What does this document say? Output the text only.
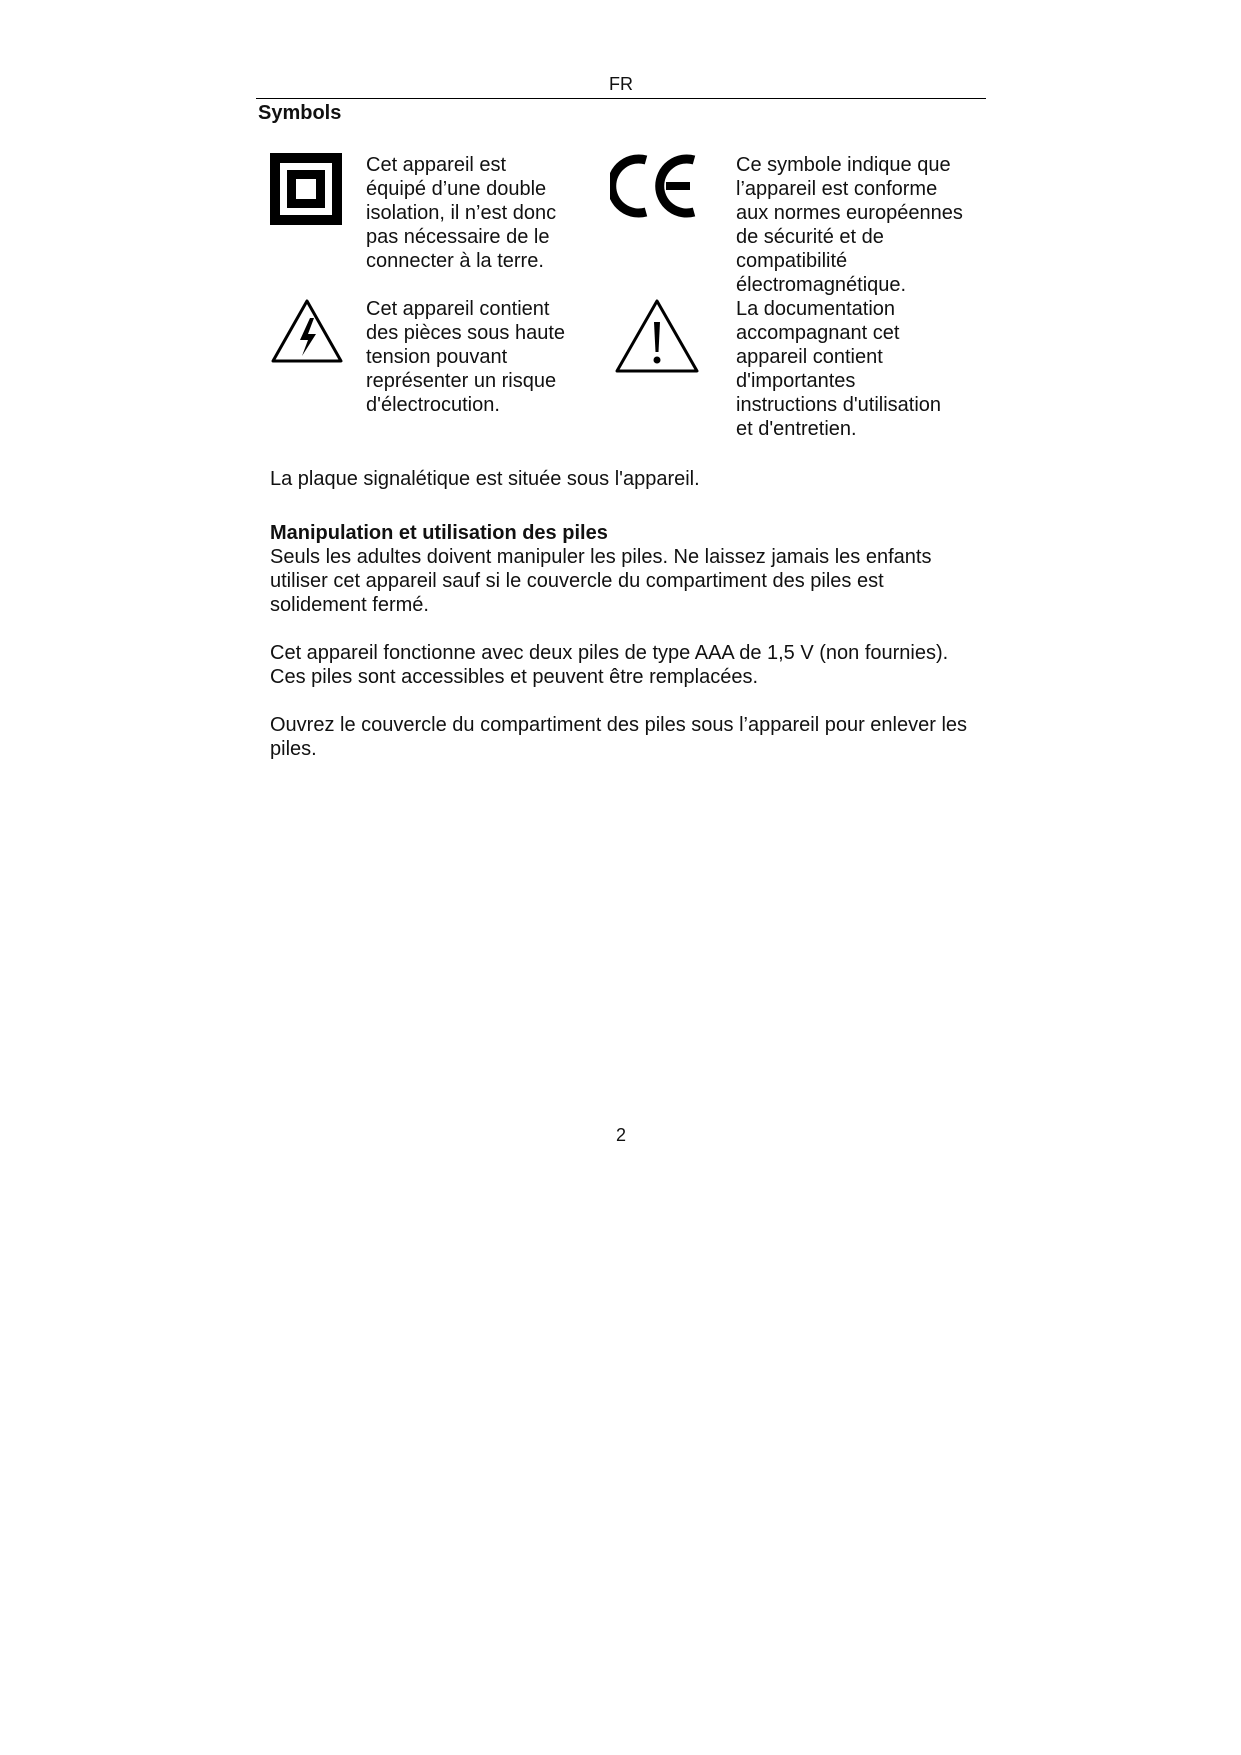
FR
Symbols
Cet appareil est
équipé d’une double
isolation, il n’est donc
pas nécessaire de le
connecter à la terre.
Ce symbole indique que
l’appareil est conforme
aux normes européennes
de sécurité et de
compatibilité
électromagnétique.
Cet appareil contient
des pièces sous haute
tension pouvant
représenter un risque
d'électrocution.
La documentation
accompagnant cet
appareil contient
d'importantes
instructions d'utilisation
et d'entretien.
La plaque signalétique est située sous l'appareil.
Manipulation et utilisation des piles
Seuls les adultes doivent manipuler les piles. Ne laissez jamais les enfants
utiliser cet appareil sauf si le couvercle du compartiment des piles est
solidement fermé.
Cet appareil fonctionne avec deux piles de type AAA de 1,5 V (non fournies).
Ces piles sont accessibles et peuvent être remplacées.
Ouvrez le couvercle du compartiment des piles sous l’appareil pour enlever les
piles.
2
